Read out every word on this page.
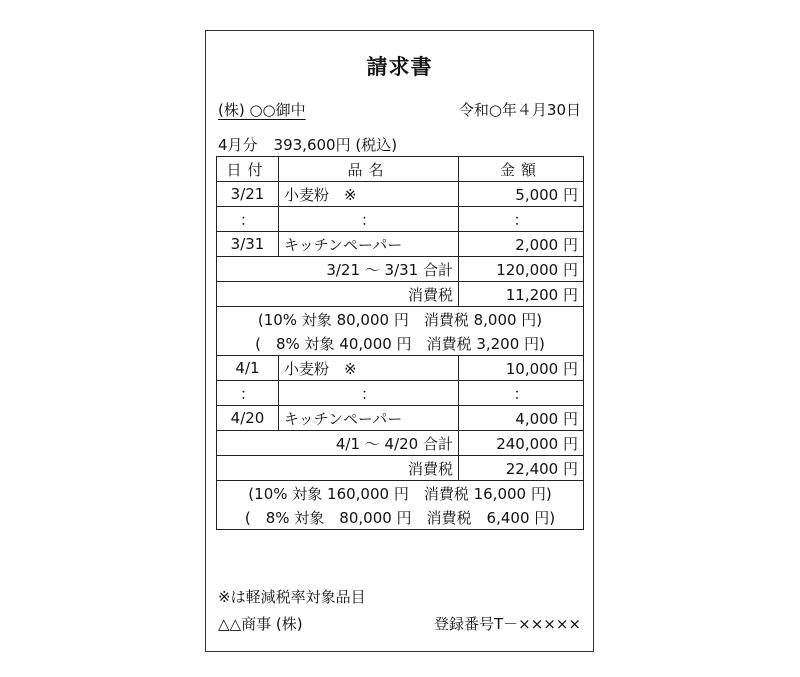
請求書
(株) ○○御中	令和○年４月30日
4月分 393,600円 (税込)
日付	品名	金額
3/21	小麦粉　※	5,000 円
：	：	：
3/31	キッチンペーパー	2,000 円
3/21 ～ 3/31 合計		120,000 円
消費税		11,200 円
(10% 対象 80,000 円　消費税 8,000 円)		
(　8% 対象 40,000 円　消費税 3,200 円)		
4/1	小麦粉　※	10,000 円
：	：	：
4/20	キッチンペーパー	4,000 円
4/1 ～ 4/20 合計		240,000 円
消費税		22,400 円
(10% 対象 160,000 円　消費税 16,000 円)		
(　8% 対象　80,000 円　消費税　6,400 円)		
※は軽減税率対象品目
△△商事 (株)	登録番号T－×××××
